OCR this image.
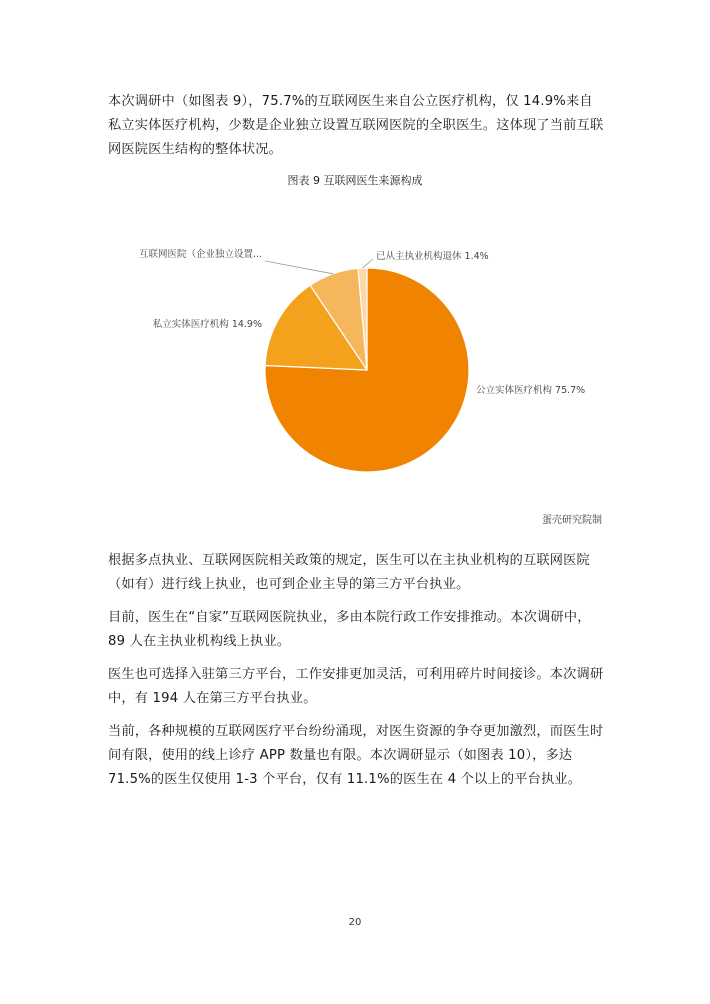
本次调研中（如图表 9），75.7%的互联网医生来自公立医疗机构，仅 14.9%来自私立实体医疗机构，少数是企业独立设置互联网医院的全职医生。这体现了当前互联网医院医生结构的整体状况。

图表 9 互联网医生来源构成
公立实体医疗机构 75.7%
私立实体医疗机构 14.9%
互联网医院（企业独立设置...	已从主执业机构退休 1.4%
蛋壳研究院制

根据多点执业、互联网医院相关政策的规定，医生可以在主执业机构的互联网医院（如有）进行线上执业，也可到企业主导的第三方平台执业。

目前，医生在“自家”互联网医院执业，多由本院行政工作安排推动。本次调研中，89 人在主执业机构线上执业。

医生也可选择入驻第三方平台，工作安排更加灵活，可利用碎片时间接诊。本次调研中，有 194 人在第三方平台执业。

当前，各种规模的互联网医疗平台纷纷涌现，对医生资源的争夺更加激烈，而医生时间有限，使用的线上诊疗 APP 数量也有限。本次调研显示（如图表 10），多达 71.5%的医生仅使用 1-3 个平台，仅有 11.1%的医生在 4 个以上的平台执业。

20
